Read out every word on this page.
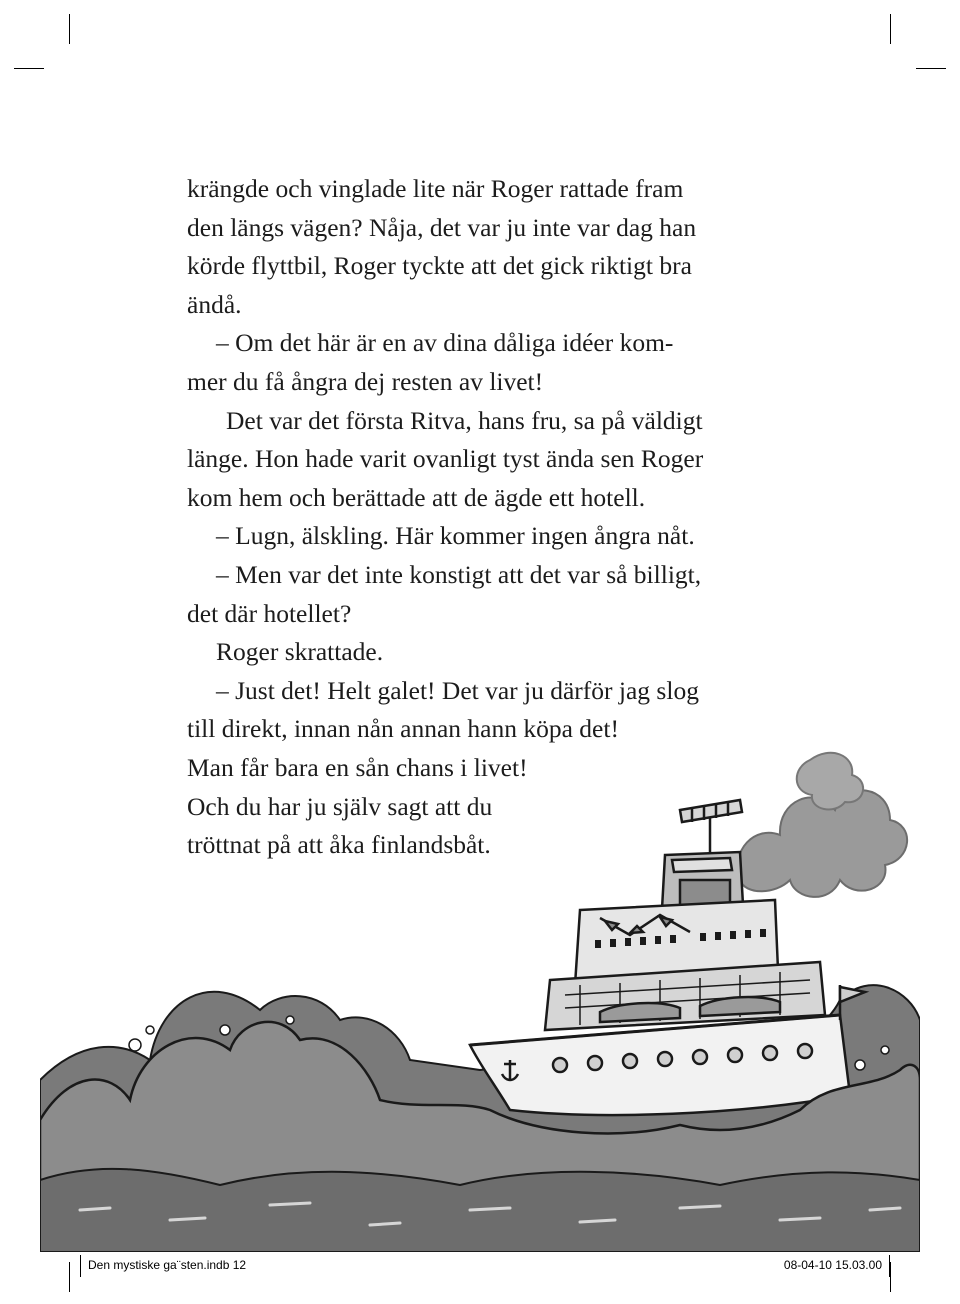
krängde och vinglade lite när Roger rattade fram
den längs vägen? Nåja, det var ju inte var dag han
körde flyttbil, Roger tyckte att det gick riktigt bra
ändå.
– Om det här är en av dina dåliga idéer kom-
mer du få ångra dej resten av livet!
Det var det första Ritva, hans fru, sa på väldigt
länge. Hon hade varit ovanligt tyst ända sen Roger
kom hem och berättade att de ägde ett hotell.
– Lugn, älskling. Här kommer ingen ångra nåt.
– Men var det inte konstigt att det var så billigt,
det där hotellet?
Roger skrattade.
– Just det! Helt galet! Det var ju därför jag slog
till direkt, innan nån annan hann köpa det!
Man får bara en sån chans i livet!
Och du har ju själv sagt att du
tröttnat på att åka finlandsbåt.
Den mystiske ga¨sten.indb 12	08-04-10 15.03.00
